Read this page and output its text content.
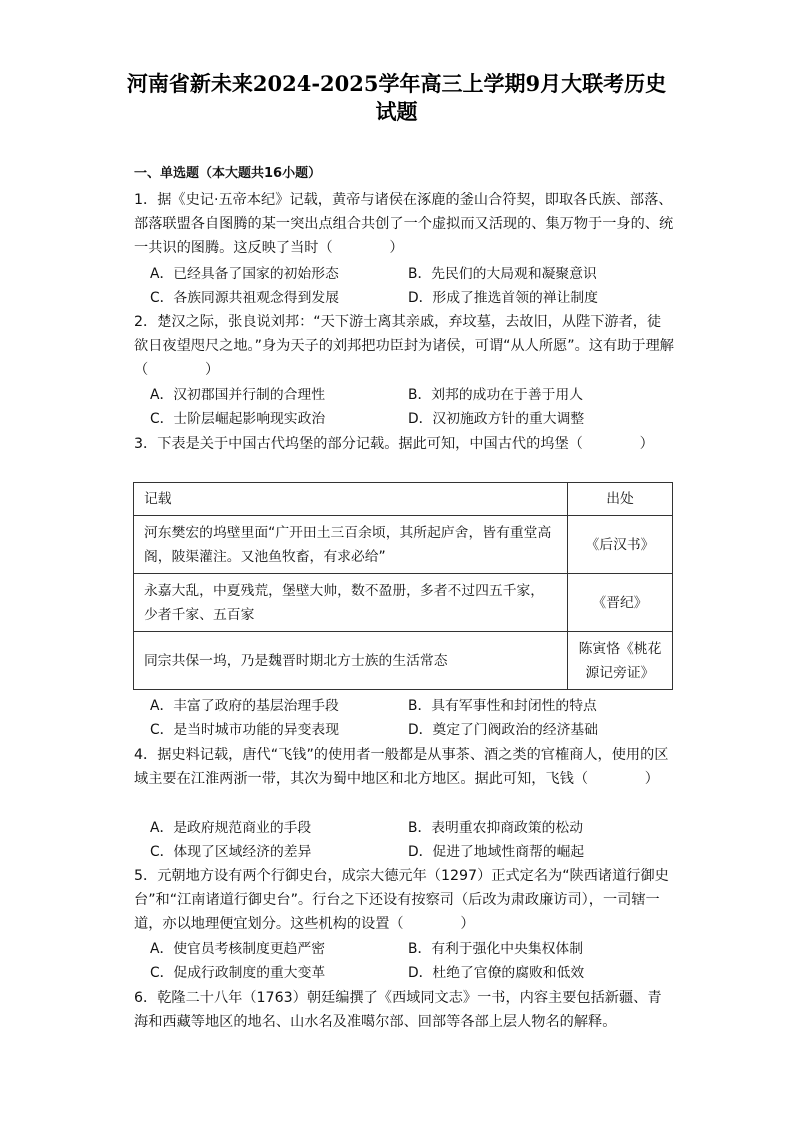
河南省新未来2024-2025学年高三上学期9月大联考历史试题
一、单选题（本大题共16小题）
1．据《史记·五帝本纪》记载，黄帝与诸侯在涿鹿的釜山合符契，即取各氏族、部落、部落联盟各自图腾的某一突出点组合共创了一个虚拟而又活现的、集万物于一身的、统一共识的图腾。这反映了当时（　　　　）
A．已经具备了国家的初始形态	B．先民们的大局观和凝聚意识
C．各族同源共祖观念得到发展	D．形成了推选首领的禅让制度
2．楚汉之际，张良说刘邦：“天下游士离其亲戚，弃坟墓，去故旧，从陛下游者，徒欲日夜望咫尺之地。”身为天子的刘邦把功臣封为诸侯，可谓“从人所愿”。这有助于理解（　　　　）
A．汉初郡国并行制的合理性	B．刘邦的成功在于善于用人
C．士阶层崛起影响现实政治	D．汉初施政方针的重大调整
3．下表是关于中国古代坞堡的部分记载。据此可知，中国古代的坞堡（　　　　）
记载	出处
河东樊宏的坞壁里面“广开田土三百余顷，其所起庐舍，皆有重堂高阁，陂渠灌注。又池鱼牧畜，有求必给”	《后汉书》
永嘉大乱，中夏残荒，堡壁大帅，数不盈册，多者不过四五千家，少者千家、五百家	《晋纪》
同宗共保一坞，乃是魏晋时期北方士族的生活常态	陈寅恪《桃花源记旁证》
A．丰富了政府的基层治理手段	B．具有军事性和封闭性的特点
C．是当时城市功能的异变表现	D．奠定了门阀政治的经济基础
4．据史料记载，唐代“飞钱”的使用者一般都是从事茶、酒之类的官榷商人，使用的区域主要在江淮两浙一带，其次为蜀中地区和北方地区。据此可知，飞钱（　　　　）
A．是政府规范商业的手段	B．表明重农抑商政策的松动
C．体现了区域经济的差异	D．促进了地域性商帮的崛起
5．元朝地方设有两个行御史台，成宗大德元年（1297）正式定名为“陕西诸道行御史台”和“江南诸道行御史台”。行台之下还设有按察司（后改为肃政廉访司），一司辖一道，亦以地理便宜划分。这些机构的设置（　　　　）
A．使官员考核制度更趋严密	B．有利于强化中央集权体制
C．促成行政制度的重大变革	D．杜绝了官僚的腐败和低效
6．乾隆二十八年（1763）朝廷编撰了《西域同文志》一书，内容主要包括新疆、青海和西藏等地区的地名、山水名及准噶尔部、回部等各部上层人物名的解释。
